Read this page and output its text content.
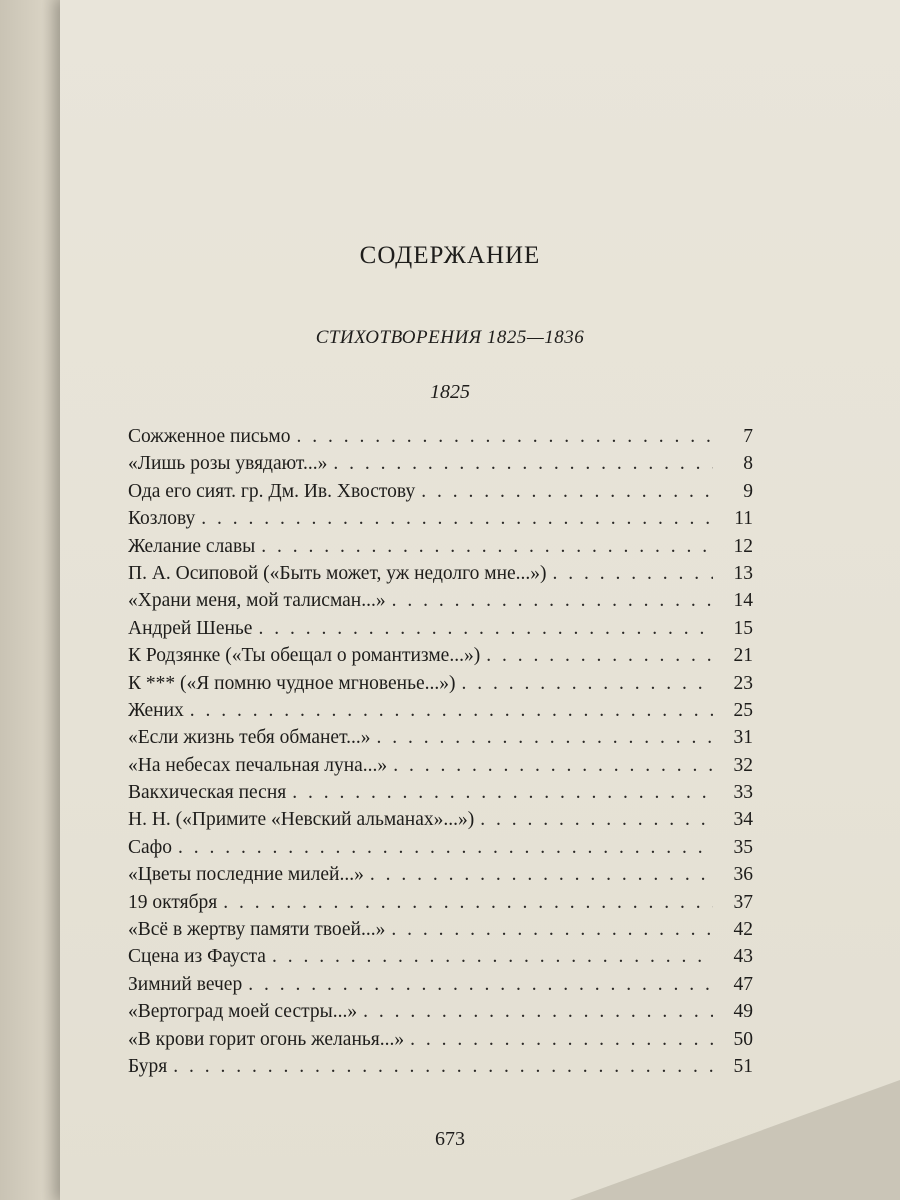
СОДЕРЖАНИЕ
СТИХОТВОРЕНИЯ 1825—1836
1825
Сожженное письмо . . .	7
«Лишь розы увядают...» . . .	8
Ода его сият. гр. Дм. Ив. Хвостову . . .	9
Козлову . . .	11
Желание славы . . .	12
П. А. Осиповой («Быть может, уж недолго мне...») . . .	13
«Храни меня, мой талисман...» . . .	14
Андрей Шенье . . .	15
К Родзянке («Ты обещал о романтизме...») . . .	21
К *** («Я помню чудное мгновенье...») . . .	23
Жених . . .	25
«Если жизнь тебя обманет...» . . .	31
«На небесах печальная луна...» . . .	32
Вакхическая песня . . .	33
Н. Н. («Примите «Невский альманах»...») . . .	34
Сафо . . .	35
«Цветы последние милей...» . . .	36
19 октября . . .	37
«Всё в жертву памяти твоей...» . . .	42
Сцена из Фауста . . .	43
Зимний вечер . . .	47
«Вертоград моей сестры...» . . .	49
«В крови горит огонь желанья...» . . .	50
Буря . . .	51
673
